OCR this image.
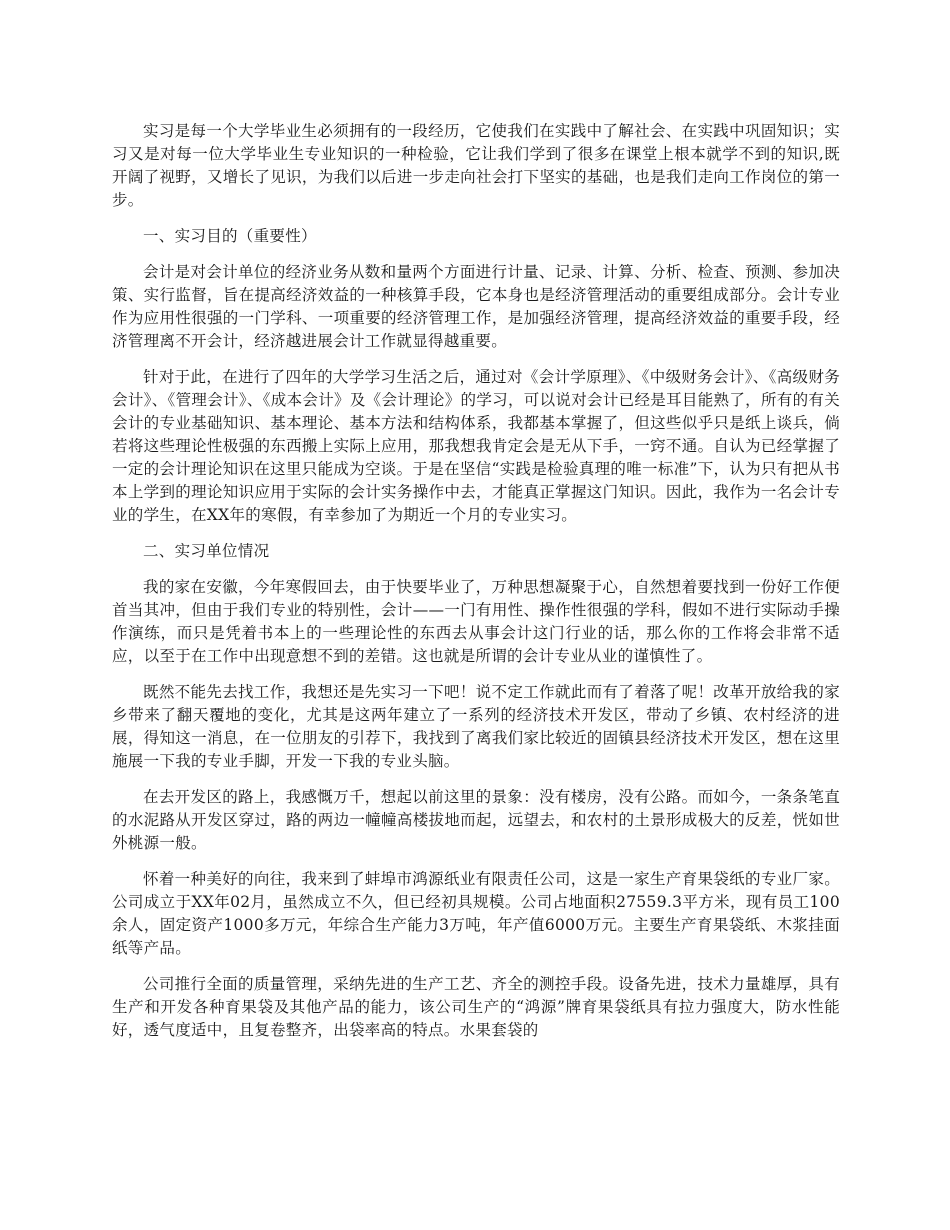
实习是每一个大学毕业生必须拥有的一段经历，它使我们在实践中了解社会、在实践中巩固知识；实习又是对每一位大学毕业生专业知识的一种检验，它让我们学到了很多在课堂上根本就学不到的知识,既开阔了视野，又增长了见识，为我们以后进一步走向社会打下坚实的基础，也是我们走向工作岗位的第一步。

一、实习目的（重要性）

会计是对会计单位的经济业务从数和量两个方面进行计量、记录、计算、分析、检查、预测、参加决策、实行监督，旨在提高经济效益的一种核算手段，它本身也是经济管理活动的重要组成部分。会计专业作为应用性很强的一门学科、一项重要的经济管理工作，是加强经济管理，提高经济效益的重要手段，经济管理离不开会计，经济越进展会计工作就显得越重要。

针对于此，在进行了四年的大学学习生活之后，通过对《会计学原理》、《中级财务会计》、《高级财务会计》、《管理会计》、《成本会计》及《会计理论》的学习，可以说对会计已经是耳目能熟了，所有的有关会计的专业基础知识、基本理论、基本方法和结构体系，我都基本掌握了，但这些似乎只是纸上谈兵，倘若将这些理论性极强的东西搬上实际上应用，那我想我肯定会是无从下手，一窍不通。自认为已经掌握了一定的会计理论知识在这里只能成为空谈。于是在坚信“实践是检验真理的唯一标准”下，认为只有把从书本上学到的理论知识应用于实际的会计实务操作中去，才能真正掌握这门知识。因此，我作为一名会计专业的学生，在XX年的寒假，有幸参加了为期近一个月的专业实习。

二、实习单位情况

我的家在安徽，今年寒假回去，由于快要毕业了，万种思想凝聚于心，自然想着要找到一份好工作便首当其冲，但由于我们专业的特别性，会计——一门有用性、操作性很强的学科，假如不进行实际动手操作演练，而只是凭着书本上的一些理论性的东西去从事会计这门行业的话，那么你的工作将会非常不适应，以至于在工作中出现意想不到的差错。这也就是所谓的会计专业从业的谨慎性了。

既然不能先去找工作，我想还是先实习一下吧！说不定工作就此而有了着落了呢！改革开放给我的家乡带来了翻天覆地的变化，尤其是这两年建立了一系列的经济技术开发区，带动了乡镇、农村经济的进展，得知这一消息，在一位朋友的引荐下，我找到了离我们家比较近的固镇县经济技术开发区，想在这里施展一下我的专业手脚，开发一下我的专业头脑。

在去开发区的路上，我感慨万千，想起以前这里的景象：没有楼房，没有公路。而如今，一条条笔直的水泥路从开发区穿过，路的两边一幢幢高楼拔地而起，远望去，和农村的土景形成极大的反差，恍如世外桃源一般。

怀着一种美好的向往，我来到了蚌埠市鸿源纸业有限责任公司，这是一家生产育果袋纸的专业厂家。公司成立于XX年02月，虽然成立不久，但已经初具规模。公司占地面积27559.3平方米，现有员工100余人，固定资产1000多万元，年综合生产能力3万吨，年产值6000万元。主要生产育果袋纸、木浆挂面纸等产品。

公司推行全面的质量管理，采纳先进的生产工艺、齐全的测控手段。设备先进，技术力量雄厚，具有生产和开发各种育果袋及其他产品的能力，该公司生产的“鸿源”牌育果袋纸具有拉力强度大，防水性能好，透气度适中，且复卷整齐，出袋率高的特点。水果套袋的
